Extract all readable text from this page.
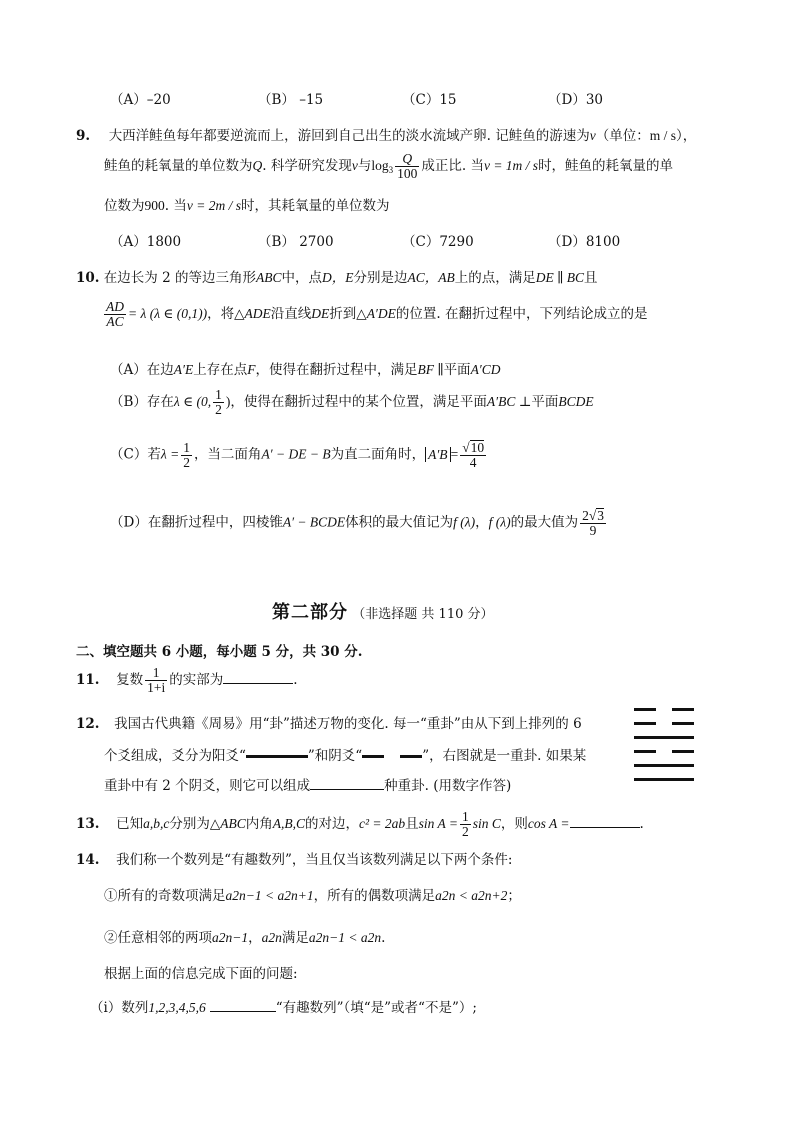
（A）–20	（B） –15	（C）15	（D）30
9. 大西洋鲑鱼每年都要逆流而上，游回到自己出生的淡水流域产卵. 记鲑鱼的游速为v（单位：m / s），
鲑鱼的耗氧量的单位数为Q. 科学研究发现v与$\log_3 \frac{Q}{100}$ 成正比. 当v = 1m / s时，鲑鱼的耗氧量的单
位数为900. 当v = 2m / s时，其耗氧量的单位数为
（A）1800	（B） 2700	（C）7290	（D）8100
10. 在边长为 2 的等边三角形ABC中，点D，E分别是边AC，AB上的点，满足DE ∥ BC且
$\frac{AD}{AC} = \lambda$ (λ ∈ (0,1))，将△ADE沿直线DE折到△A′DE的位置. 在翻折过程中，下列结论成立的是
（A）在边A′E上存在点F，使得在翻折过程中，满足BF ∥平面A′CD
（B）存在λ ∈ (0, $\frac{1}{2}$ )，使得在翻折过程中的某个位置，满足平面A′BC ⊥平面BCDE
（C）若$\lambda = \frac{1}{2}$ ，当二面角A′ − DE − B为直二面角时， $A'B = \frac{√10}{4}$
（D）在翻折过程中，四棱锥A′ − BCDE体积的最大值记为f (λ)，f (λ)的最大值为 $\frac{2√3}{9}$
第二部分 （非选择题 共 110 分）
二、填空题共 6 小题，每小题 5 分，共 30 分.
11. 复数 $\frac{1}{1+i}$ 的实部为	.
12. 我国古代典籍《周易》用“卦”描述万物的变化. 每一“重卦”由从下到上排列的 6
个爻组成，爻分为阳爻“	”和阴爻“	”，右图就是一重卦. 如果某
重卦中有 2 个阴爻，则它可以组成	种重卦. (用数字作答)
13. 已知a,b,c分别为△ABC内角A,B,C的对边，c² = 2ab且$\sin A = \frac{1}{2}$ sin C，则cos A =	.
14. 我们称一个数列是“有趣数列”，当且仅当该数列满足以下两个条件:
①所有的奇数项满足a2n−1 < a2n+1，所有的偶数项满足a2n < a2n+2；
②任意相邻的两项a2n−1，a2n满足a2n−1 < a2n.
根据上面的信息完成下面的问题:
（i）数列1,2,3,4,5,6	“有趣数列”（填“是”或者“不是”）;
